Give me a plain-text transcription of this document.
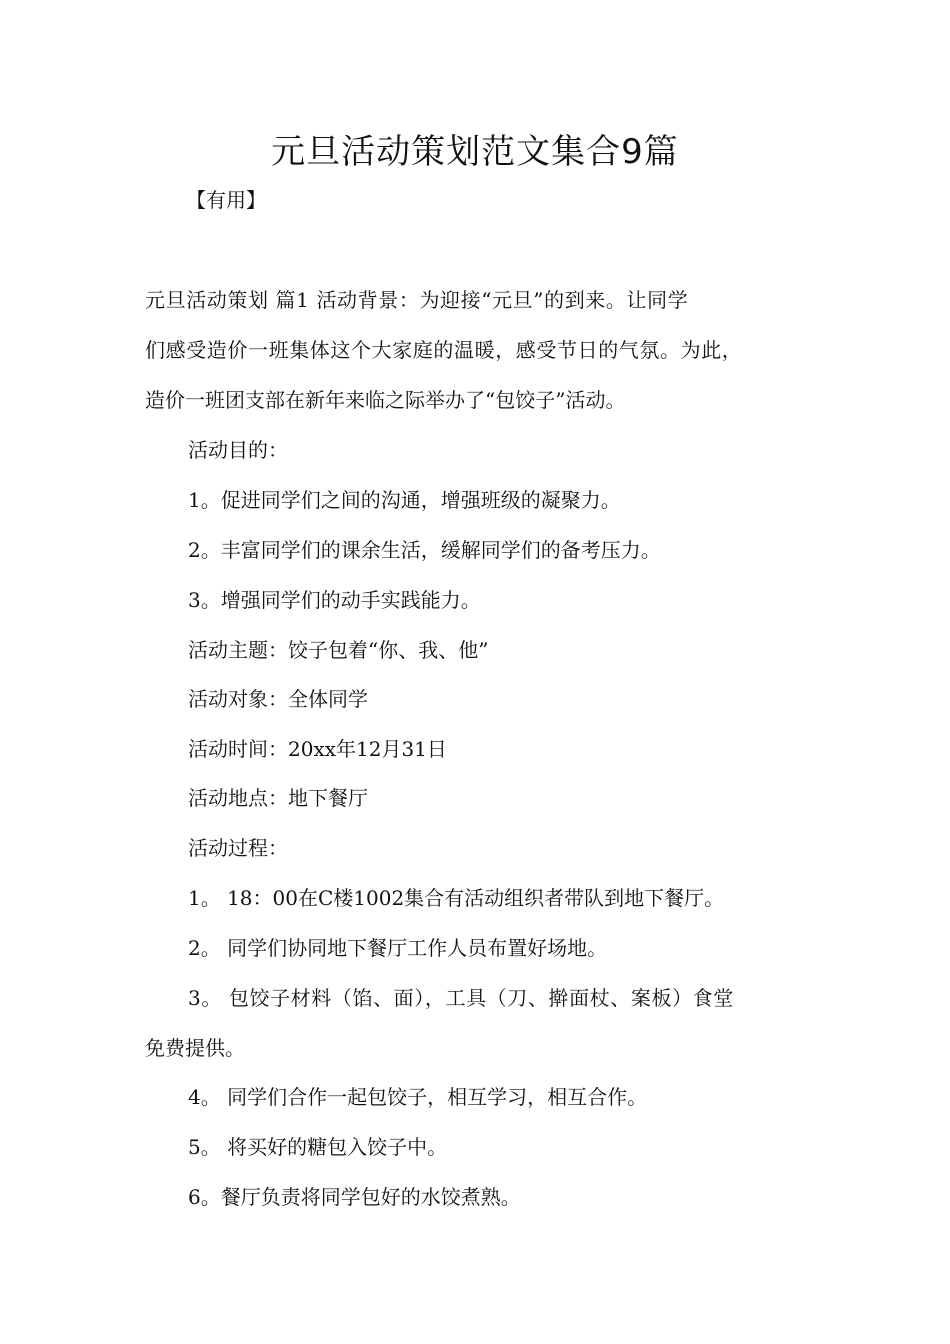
元旦活动策划范文集合9篇

【有用】

元旦活动策划 篇1 活动背景：为迎接“元旦”的到来。让同学

们感受造价一班集体这个大家庭的温暖，感受节日的气氛。为此，

造价一班团支部在新年来临之际举办了“包饺子”活动。

活动目的：

1。促进同学们之间的沟通，增强班级的凝聚力。

2。丰富同学们的课余生活，缓解同学们的备考压力。

3。增强同学们的动手实践能力。

活动主题：饺子包着“你、我、他”

活动对象：全体同学

活动时间：20xx年12月31日

活动地点：地下餐厅

活动过程：

1。 18：00在C楼1002集合有活动组织者带队到地下餐厅。

2。 同学们协同地下餐厅工作人员布置好场地。

3。 包饺子材料（馅、面），工具（刀、擀面杖、案板）食堂

免费提供。

4。 同学们合作一起包饺子，相互学习，相互合作。

5。 将买好的糖包入饺子中。

6。餐厅负责将同学包好的水饺煮熟。
